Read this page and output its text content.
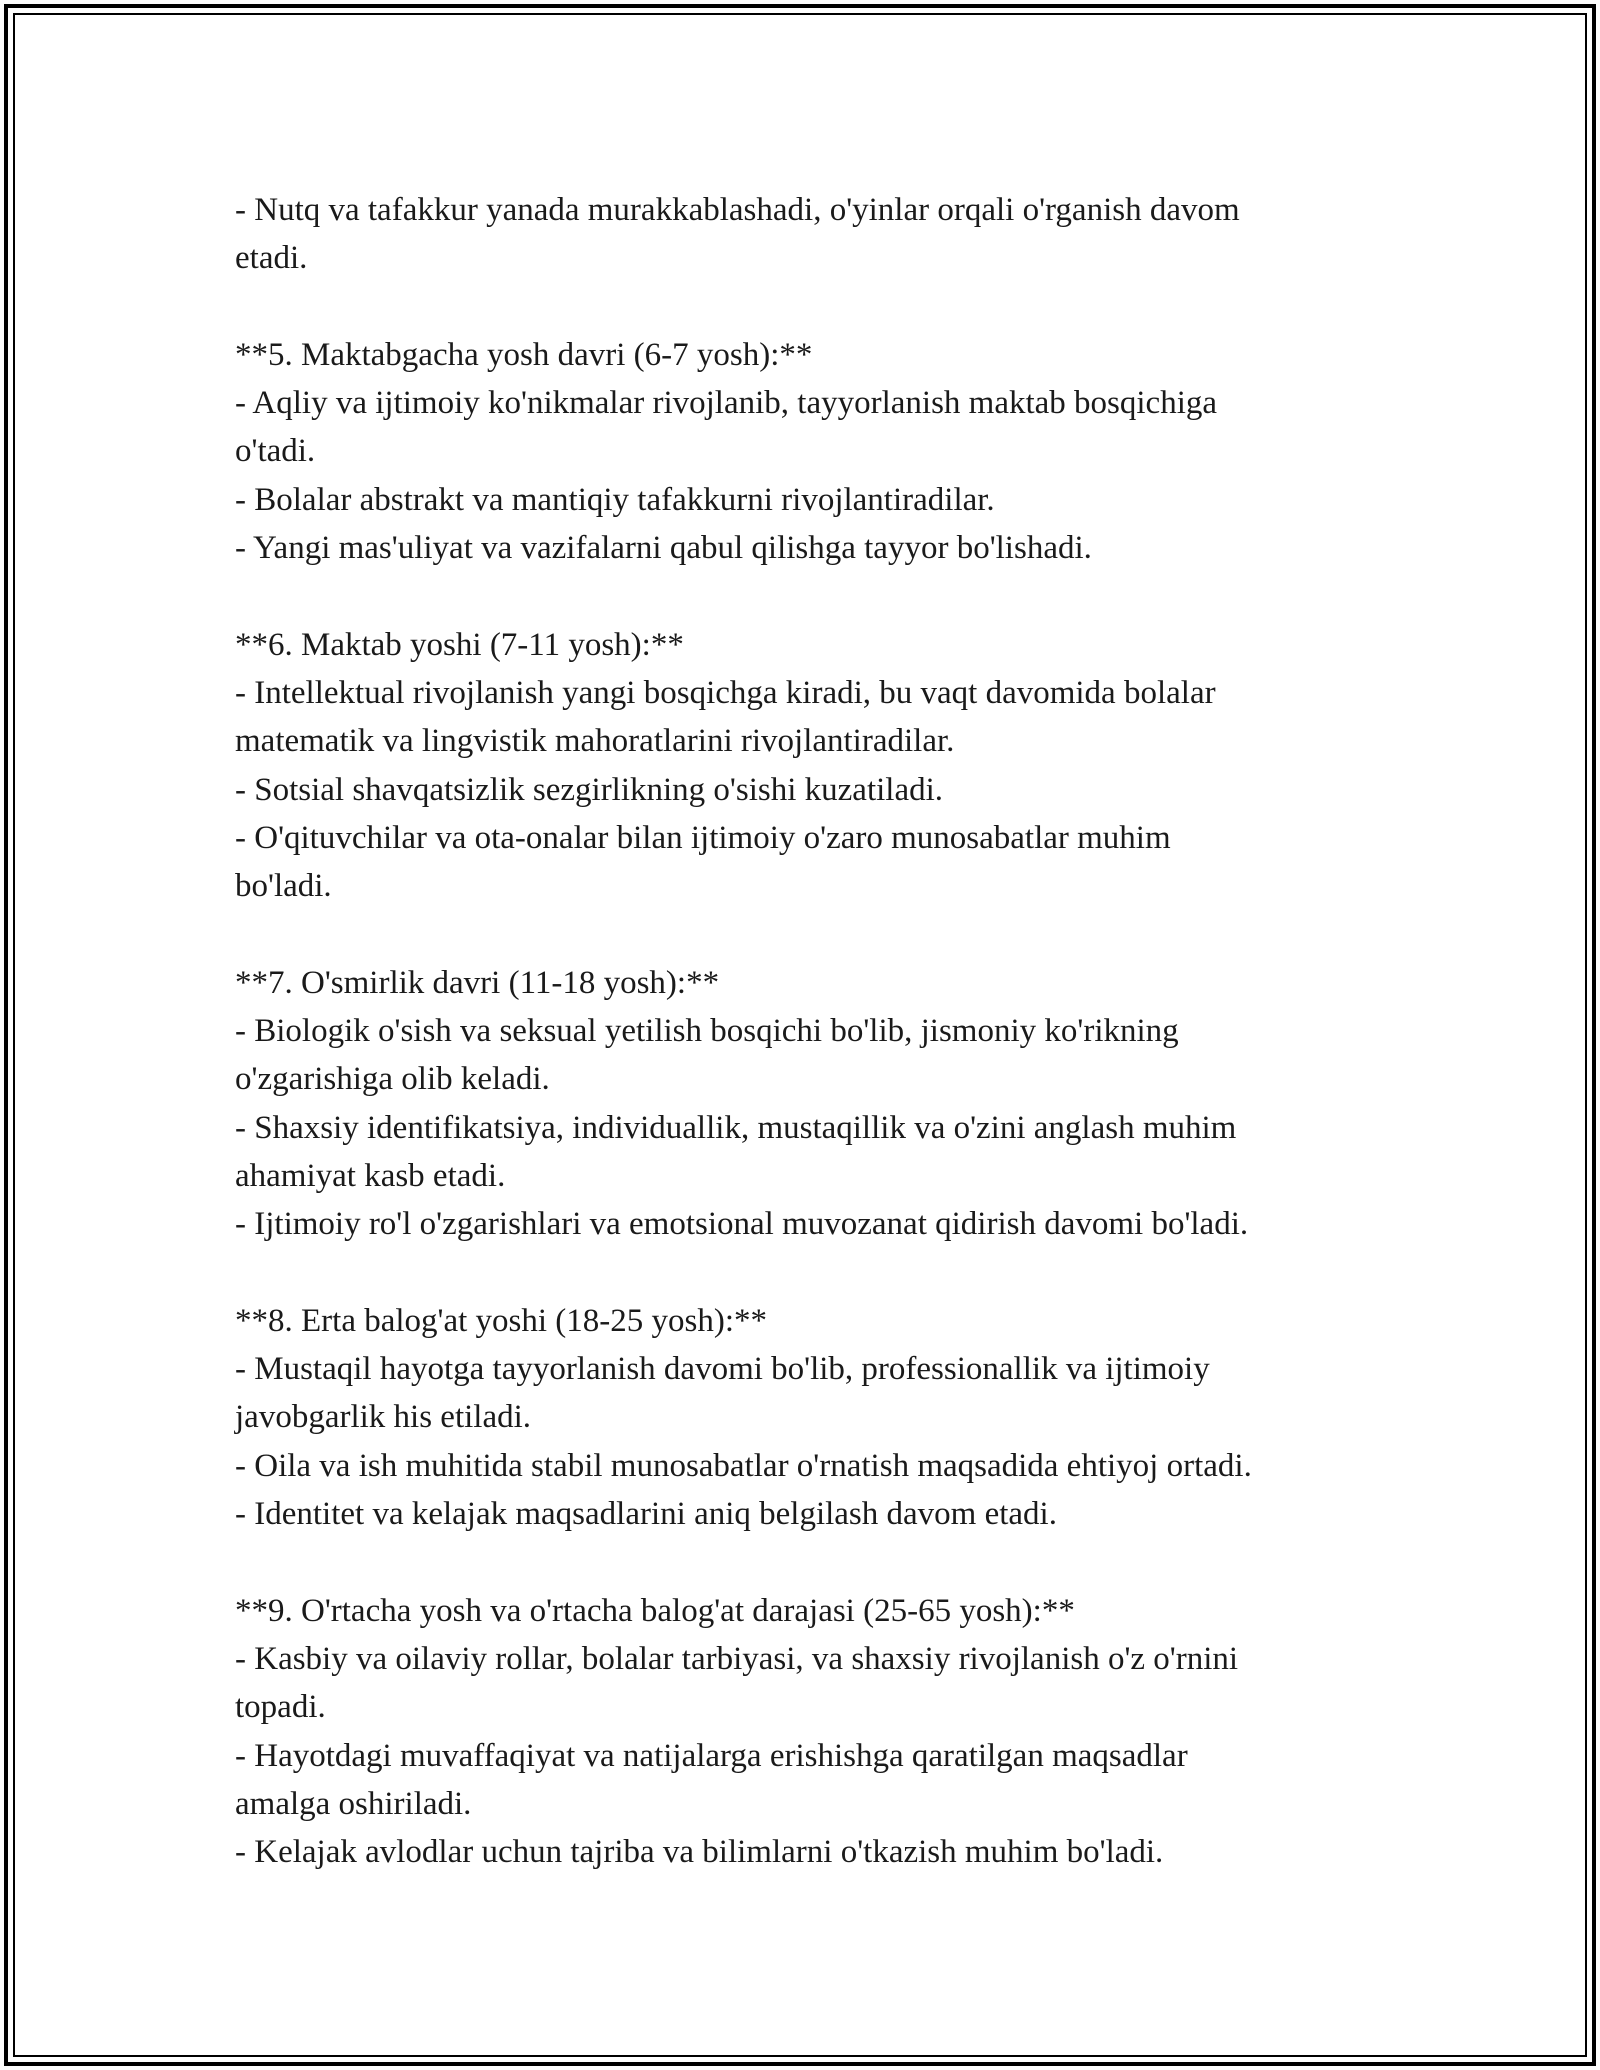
- Nutq va tafakkur yanada murakkablashadi, o'yinlar orqali o'rganish davom

etadi.

**5. Maktabgacha yosh davri (6-7 yosh):**

- Aqliy va ijtimoiy ko'nikmalar rivojlanib, tayyorlanish maktab bosqichiga

o'tadi.

- Bolalar abstrakt va mantiqiy tafakkurni rivojlantiradilar.

- Yangi mas'uliyat va vazifalarni qabul qilishga tayyor bo'lishadi.

**6. Maktab yoshi (7-11 yosh):**

- Intellektual rivojlanish yangi bosqichga kiradi, bu vaqt davomida bolalar

matematik va lingvistik mahoratlarini rivojlantiradilar.

- Sotsial shavqatsizlik sezgirlikning o'sishi kuzatiladi.

- O'qituvchilar va ota-onalar bilan ijtimoiy o'zaro munosabatlar muhim

bo'ladi.

**7. O'smirlik davri (11-18 yosh):**

- Biologik o'sish va seksual yetilish bosqichi bo'lib, jismoniy ko'rikning

o'zgarishiga olib keladi.

- Shaxsiy identifikatsiya, individuallik, mustaqillik va o'zini anglash muhim

ahamiyat kasb etadi.

- Ijtimoiy ro'l o'zgarishlari va emotsional muvozanat qidirish davomi bo'ladi.

**8. Erta balog'at yoshi (18-25 yosh):**

- Mustaqil hayotga tayyorlanish davomi bo'lib, professionallik va ijtimoiy

javobgarlik his etiladi.

- Oila va ish muhitida stabil munosabatlar o'rnatish maqsadida ehtiyoj ortadi.

- Identitet va kelajak maqsadlarini aniq belgilash davom etadi.

**9. O'rtacha yosh va o'rtacha balog'at darajasi (25-65 yosh):**

- Kasbiy va oilaviy rollar, bolalar tarbiyasi, va shaxsiy rivojlanish o'z o'rnini

topadi.

- Hayotdagi muvaffaqiyat va natijalarga erishishga qaratilgan maqsadlar

amalga oshiriladi.

- Kelajak avlodlar uchun tajriba va bilimlarni o'tkazish muhim bo'ladi.
